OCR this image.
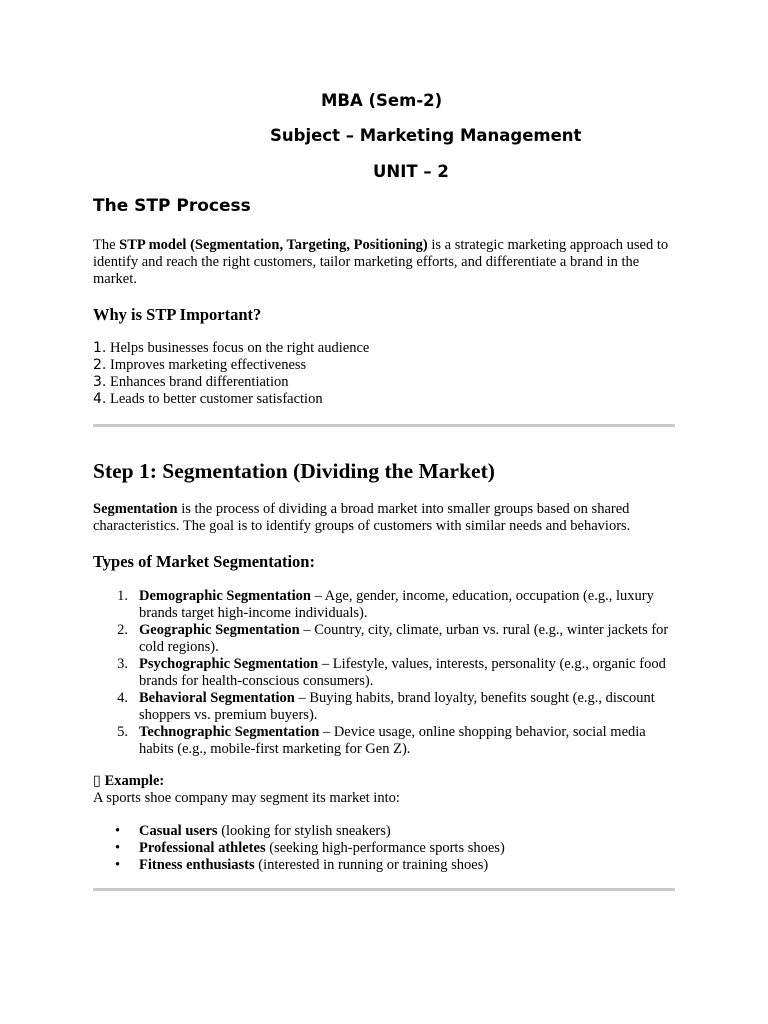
MBA (Sem-2)
Subject – Marketing Management
UNIT – 2
The STP Process
The STP model (Segmentation, Targeting, Positioning) is a strategic marketing approach used to identify and reach the right customers, tailor marketing efforts, and differentiate a brand in the market.
Why is STP Important?
1. Helps businesses focus on the right audience
2. Improves marketing effectiveness
3. Enhances brand differentiation
4. Leads to better customer satisfaction
Step 1: Segmentation (Dividing the Market)
Segmentation is the process of dividing a broad market into smaller groups based on shared characteristics. The goal is to identify groups of customers with similar needs and behaviors.
Types of Market Segmentation:
1. Demographic Segmentation – Age, gender, income, education, occupation (e.g., luxury brands target high-income individuals).
2. Geographic Segmentation – Country, city, climate, urban vs. rural (e.g., winter jackets for cold regions).
3. Psychographic Segmentation – Lifestyle, values, interests, personality (e.g., organic food brands for health-conscious consumers).
4. Behavioral Segmentation – Buying habits, brand loyalty, benefits sought (e.g., discount shoppers vs. premium buyers).
5. Technographic Segmentation – Device usage, online shopping behavior, social media habits (e.g., mobile-first marketing for Gen Z).
▯ Example:
A sports shoe company may segment its market into:
• Casual users (looking for stylish sneakers)
• Professional athletes (seeking high-performance sports shoes)
• Fitness enthusiasts (interested in running or training shoes)
